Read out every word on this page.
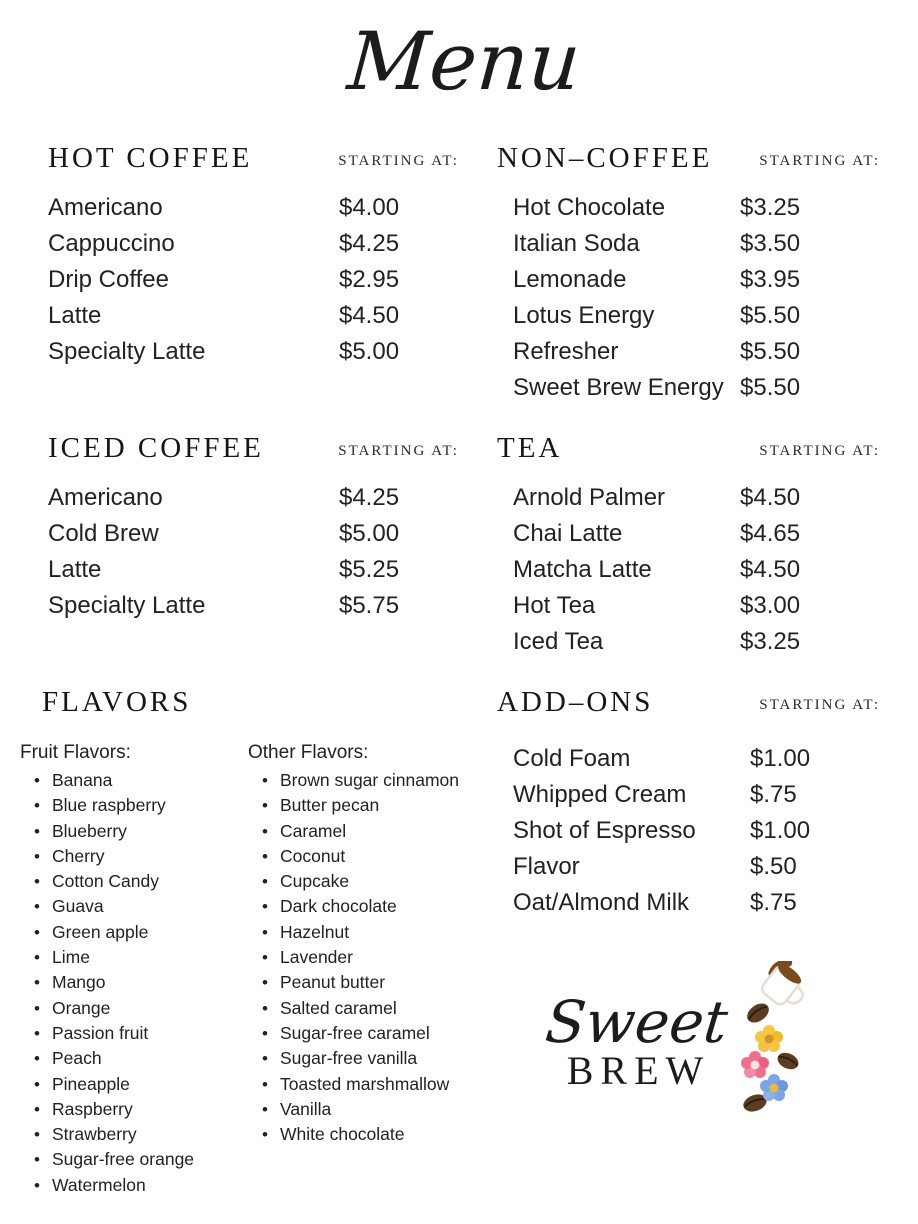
Menu
HOT COFFEE	STARTING AT:
Americano	$4.00
Cappuccino	$4.25
Drip Coffee	$2.95
Latte	$4.50
Specialty Latte	$5.00
NON–COFFEE	STARTING AT:
Hot Chocolate	$3.25
Italian Soda	$3.50
Lemonade	$3.95
Lotus Energy	$5.50
Refresher	$5.50
Sweet Brew Energy $5.50
ICED COFFEE	STARTING AT:
Americano	$4.25
Cold Brew	$5.00
Latte	$5.25
Specialty Latte	$5.75
TEA	STARTING AT:
Arnold Palmer	$4.50
Chai Latte	$4.65
Matcha Latte	$4.50
Hot Tea	$3.00
Iced Tea	$3.25
FLAVORS
Fruit Flavors:
• Banana
• Blue raspberry
• Blueberry
• Cherry
• Cotton Candy
• Guava
• Green apple
• Lime
• Mango
• Orange
• Passion fruit
• Peach
• Pineapple
• Raspberry
• Strawberry
• Sugar-free orange
• Watermelon
Other Flavors:
• Brown sugar cinnamon
• Butter pecan
• Caramel
• Coconut
• Cupcake
• Dark chocolate
• Hazelnut
• Lavender
• Peanut butter
• Salted caramel
• Sugar-free caramel
• Sugar-free vanilla
• Toasted marshmallow
• Vanilla
• White chocolate
ADD–ONS	STARTING AT:
Cold Foam	$1.00
Whipped Cream	$.75
Shot of Espresso	$1.00
Flavor	$.50
Oat/Almond Milk	$.75
Sweet
BREW
